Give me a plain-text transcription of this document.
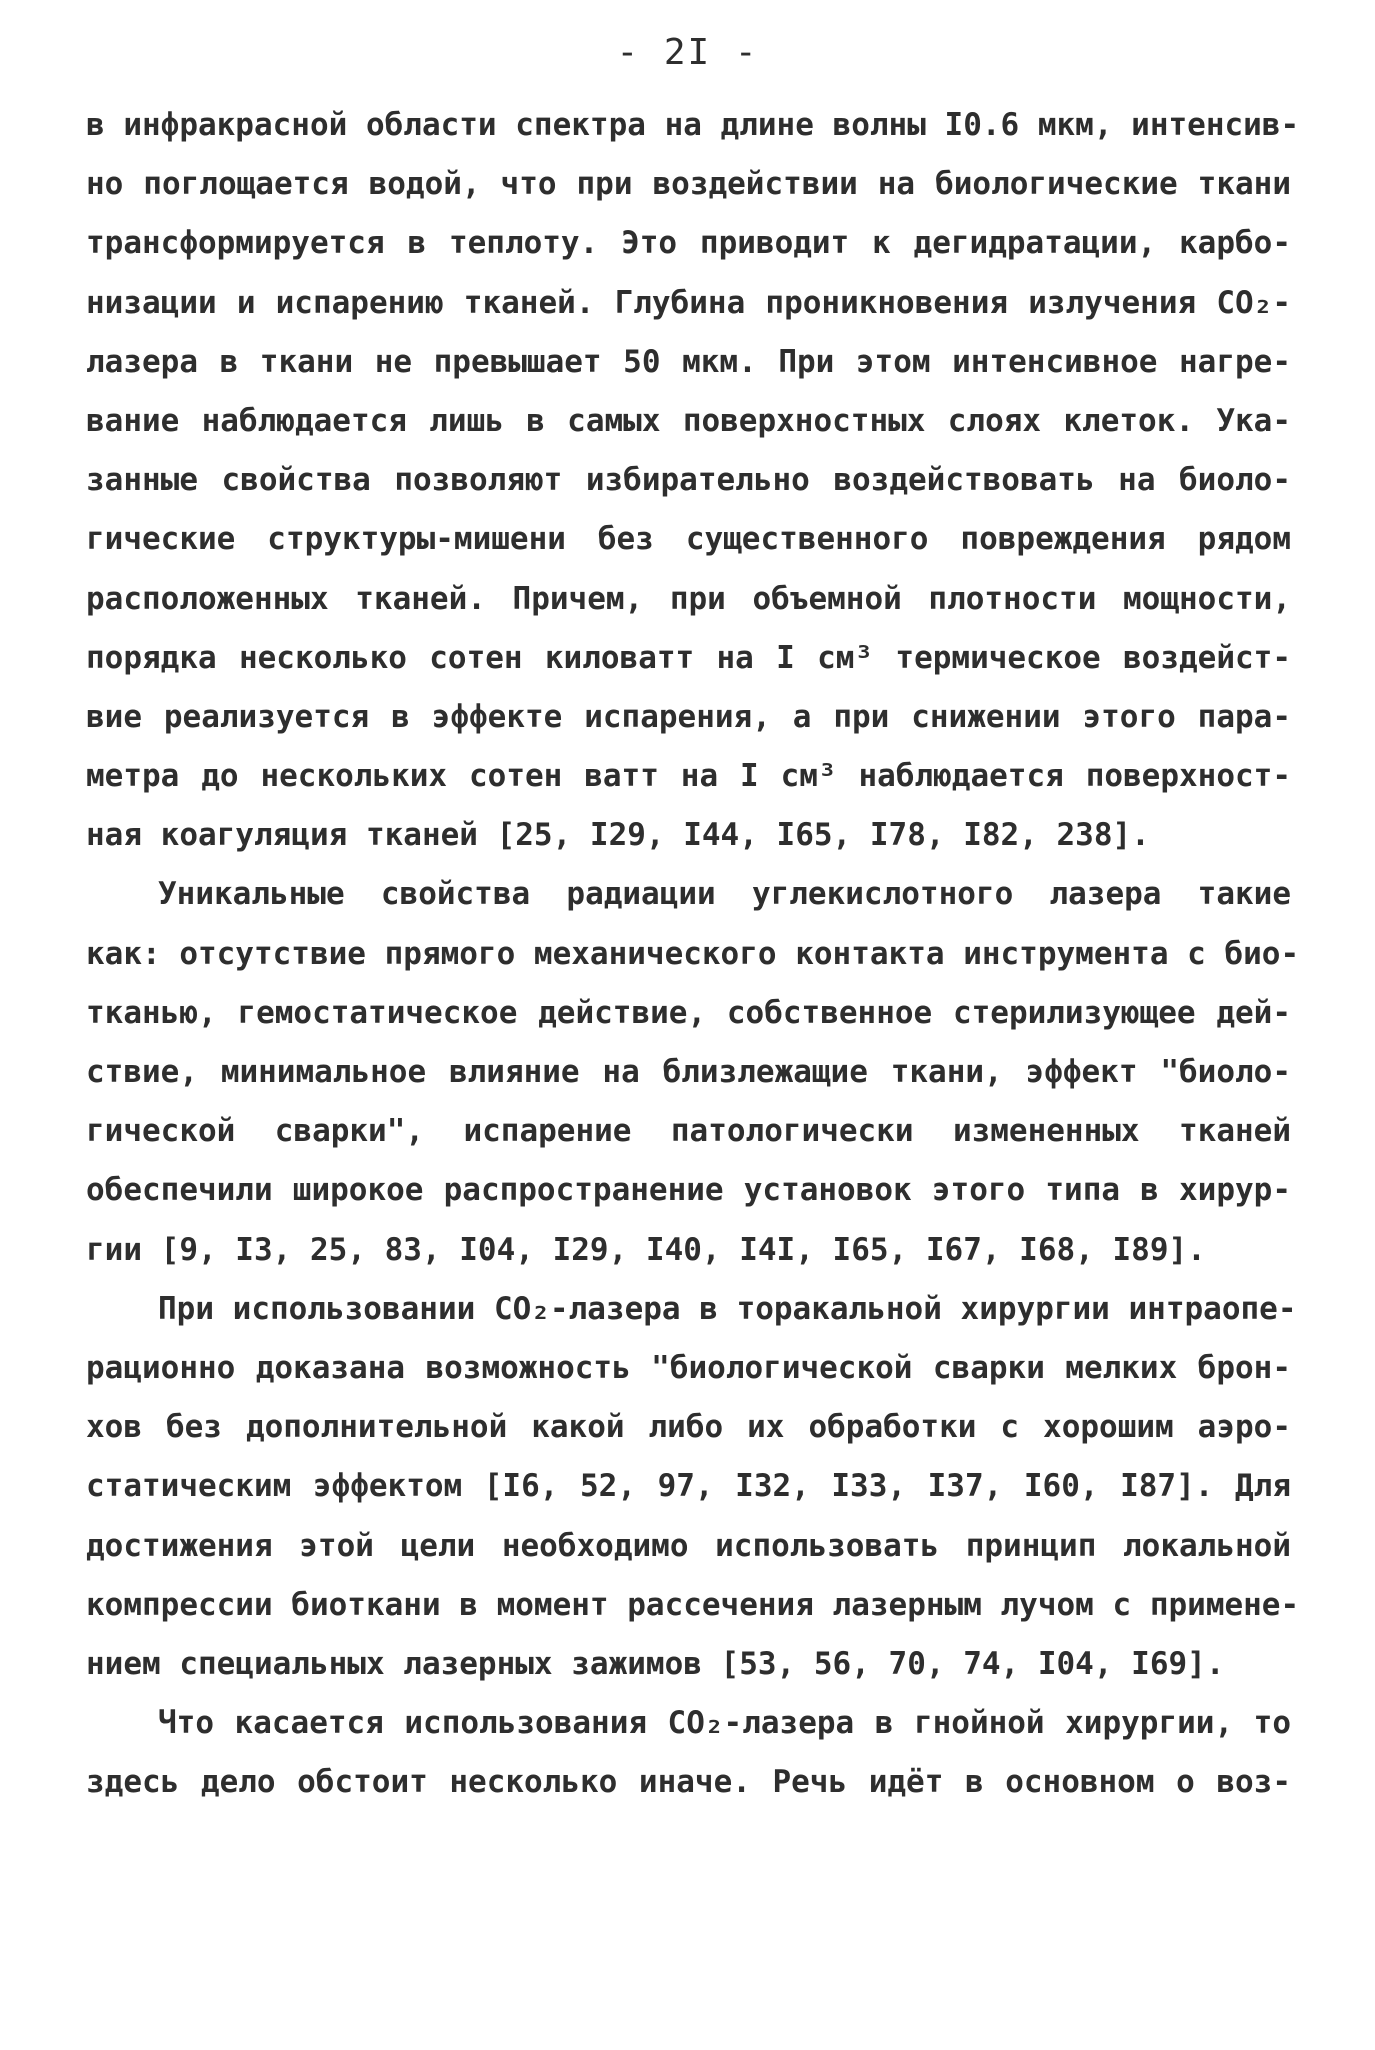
- 2I -
в инфракрасной области спектра на длине волны I0.6 мкм, интенсив-
но поглощается водой, что при воздействии на биологические ткани
трансформируется в теплоту. Это приводит к дегидратации, карбо-
низации и испарению тканей. Глубина проникновения излучения CO₂-
лазера в ткани не превышает 50 мкм. При этом интенсивное нагре-
вание наблюдается лишь в самых поверхностных слоях клеток. Ука-
занные свойства позволяют избирательно воздействовать на биоло-
гические структуры-мишени без существенного повреждения рядом
расположенных тканей. Причем, при объемной плотности мощности,
порядка несколько сотен киловатт на I см³ термическое воздейст-
вие реализуется в эффекте испарения, а при снижении этого пара-
метра до нескольких сотен ватт на I см³ наблюдается поверхност-
ная коагуляция тканей [25, I29, I44, I65, I78, I82, 238].
Уникальные свойства радиации углекислотного лазера такие
как: отсутствие прямого механического контакта инструмента с био-
тканью, гемостатическое действие, собственное стерилизующее дей-
ствие, минимальное влияние на близлежащие ткани, эффект "биоло-
гической сварки", испарение патологически измененных тканей
обеспечили широкое распространение установок этого типа в хирур-
гии [9, I3, 25, 83, I04, I29, I40, I4I, I65, I67, I68, I89].
При использовании CO₂-лазера в торакальной хирургии интраопе-
рационно доказана возможность "биологической сварки мелких брон-
хов без дополнительной какой либо их обработки с хорошим аэро-
статическим эффектом [I6, 52, 97, I32, I33, I37, I60, I87]. Для
достижения этой цели необходимо использовать принцип локальной
компрессии биоткани в момент рассечения лазерным лучом с примене-
нием специальных лазерных зажимов [53, 56, 70, 74, I04, I69].
Что касается использования CO₂-лазера в гнойной хирургии, то
здесь дело обстоит несколько иначе. Речь идёт в основном о воз-
